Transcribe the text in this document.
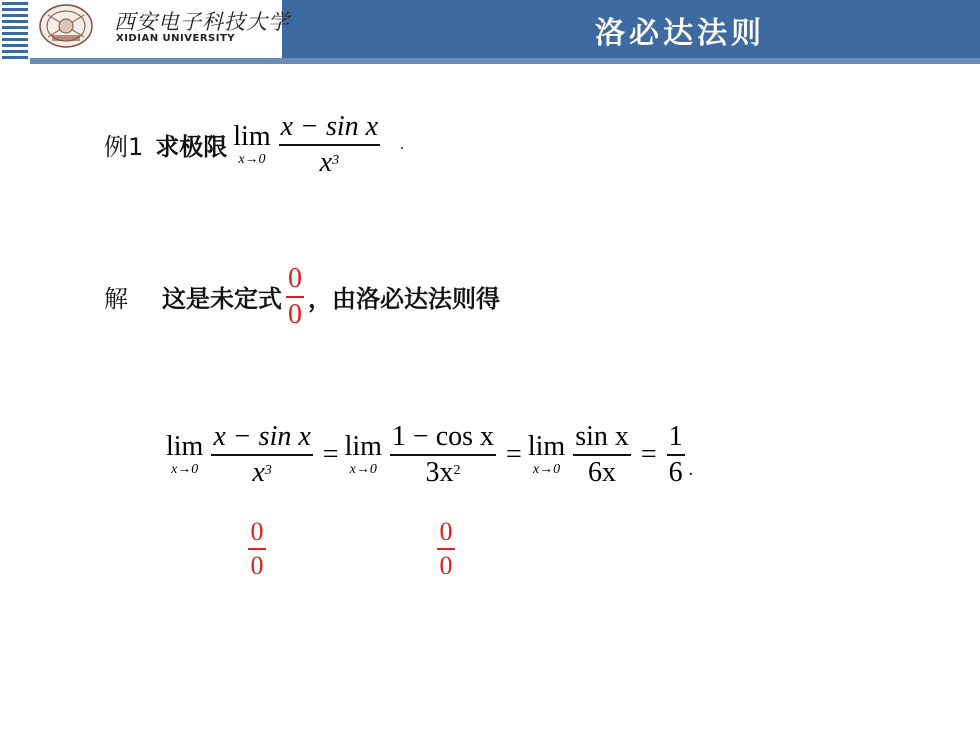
西安电子科技大学
XIDIAN UNIVERSITY	洛必达法则
例1 求极限 lim
$x\to 0 \frac{\text{x − sin x}}{x^3}$ .
解 这是未定式 $\frac{0}{0}$ ，由洛必达法则得
lim
$x\to 0 \frac{\text{x − sin x}}{x^3} = \lim$
$x\to 0 \frac{\text{1 − cos x}}{3x^2} = \lim$
$x\to 0 \frac{\text{sin x}}{6x} = \frac{1}{6}$ .
0
0
0
0
